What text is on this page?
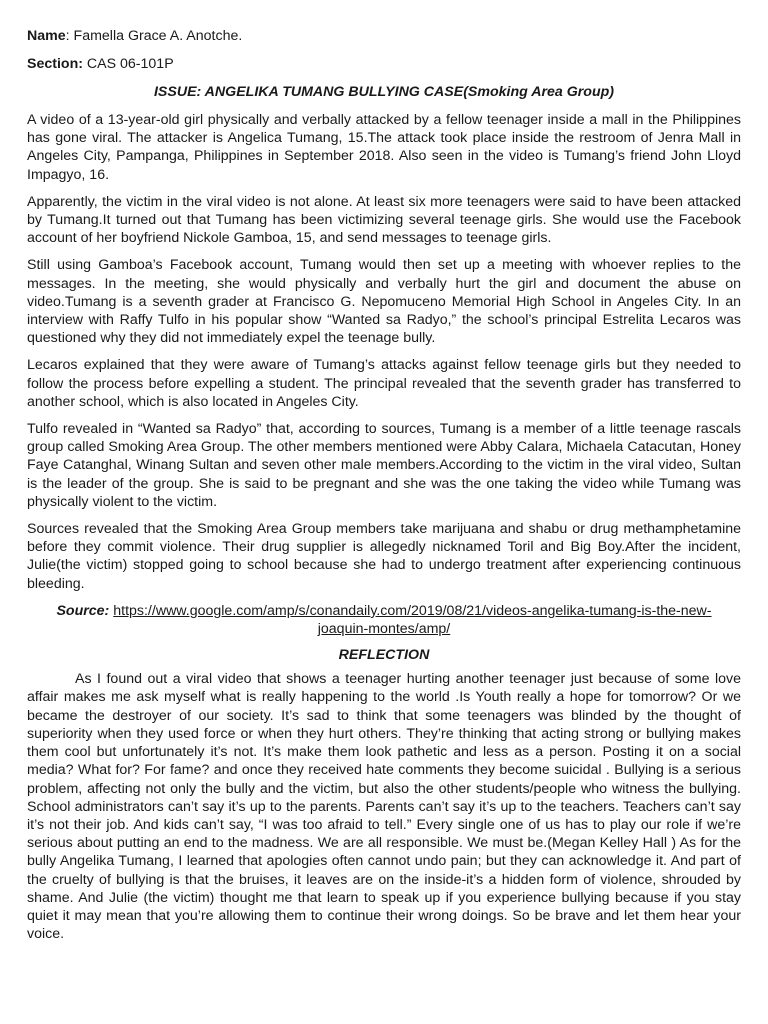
Name: Famella Grace A. Anotche.

Section: CAS 06-101P

ISSUE: ANGELIKA TUMANG BULLYING CASE(Smoking Area Group)

A video of a 13-year-old girl physically and verbally attacked by a fellow teenager inside a mall in the Philippines has gone viral. The attacker is Angelica Tumang, 15.The attack took place inside the restroom of Jenra Mall in Angeles City, Pampanga, Philippines in September 2018. Also seen in the video is Tumang’s friend John Lloyd Impagyo, 16.

Apparently, the victim in the viral video is not alone. At least six more teenagers were said to have been attacked by Tumang.It turned out that Tumang has been victimizing several teenage girls. She would use the Facebook account of her boyfriend Nickole Gamboa, 15, and send messages to teenage girls.

Still using Gamboa’s Facebook account, Tumang would then set up a meeting with whoever replies to the messages. In the meeting, she would physically and verbally hurt the girl and document the abuse on video.Tumang is a seventh grader at Francisco G. Nepomuceno Memorial High School in Angeles City. In an interview with Raffy Tulfo in his popular show “Wanted sa Radyo,” the school’s principal Estrelita Lecaros was questioned why they did not immediately expel the teenage bully.

Lecaros explained that they were aware of Tumang’s attacks against fellow teenage girls but they needed to follow the process before expelling a student. The principal revealed that the seventh grader has transferred to another school, which is also located in Angeles City.

Tulfo revealed in “Wanted sa Radyo” that, according to sources, Tumang is a member of a little teenage rascals group called Smoking Area Group. The other members mentioned were Abby Calara, Michaela Catacutan, Honey Faye Catanghal, Winang Sultan and seven other male members.According to the victim in the viral video, Sultan is the leader of the group. She is said to be pregnant and she was the one taking the video while Tumang was physically violent to the victim.

Sources revealed that the Smoking Area Group members take marijuana and shabu or drug methamphetamine before they commit violence. Their drug supplier is allegedly nicknamed Toril and Big Boy.After the incident, Julie(the victim) stopped going to school because she had to undergo treatment after experiencing continuous bleeding.

Source: https://www.google.com/amp/s/conandaily.com/2019/08/21/videos-angelika-tumang-is-the-new-
joaquin-montes/amp/

REFLECTION

As I found out a viral video that shows a teenager hurting another teenager just because of some love affair makes me ask myself what is really happening to the world .Is Youth really a hope for tomorrow? Or we became the destroyer of our society. It’s sad to think that some teenagers was blinded by the thought of superiority when they used force or when they hurt others. They’re thinking that acting strong or bullying makes them cool but unfortunately it’s not. It’s make them look pathetic and less as a person. Posting it on a social media? What for? For fame? and once they received hate comments they become suicidal . Bullying is a serious problem, affecting not only the bully and the victim, but also the other students/people who witness the bullying. School administrators can’t say it’s up to the parents. Parents can’t say it’s up to the teachers. Teachers can’t say it’s not their job. And kids can’t say, “I was too afraid to tell.” Every single one of us has to play our role if we’re serious about putting an end to the madness. We are all responsible. We must be.(Megan Kelley Hall ) As for the bully Angelika Tumang, I learned that apologies often cannot undo pain; but they can acknowledge it. And part of the cruelty of bullying is that the bruises, it leaves are on the inside-it’s a hidden form of violence, shrouded by shame. And Julie (the victim) thought me that learn to speak up if you experience bullying because if you stay quiet it may mean that you’re allowing them to continue their wrong doings. So be brave and let them hear your voice.
